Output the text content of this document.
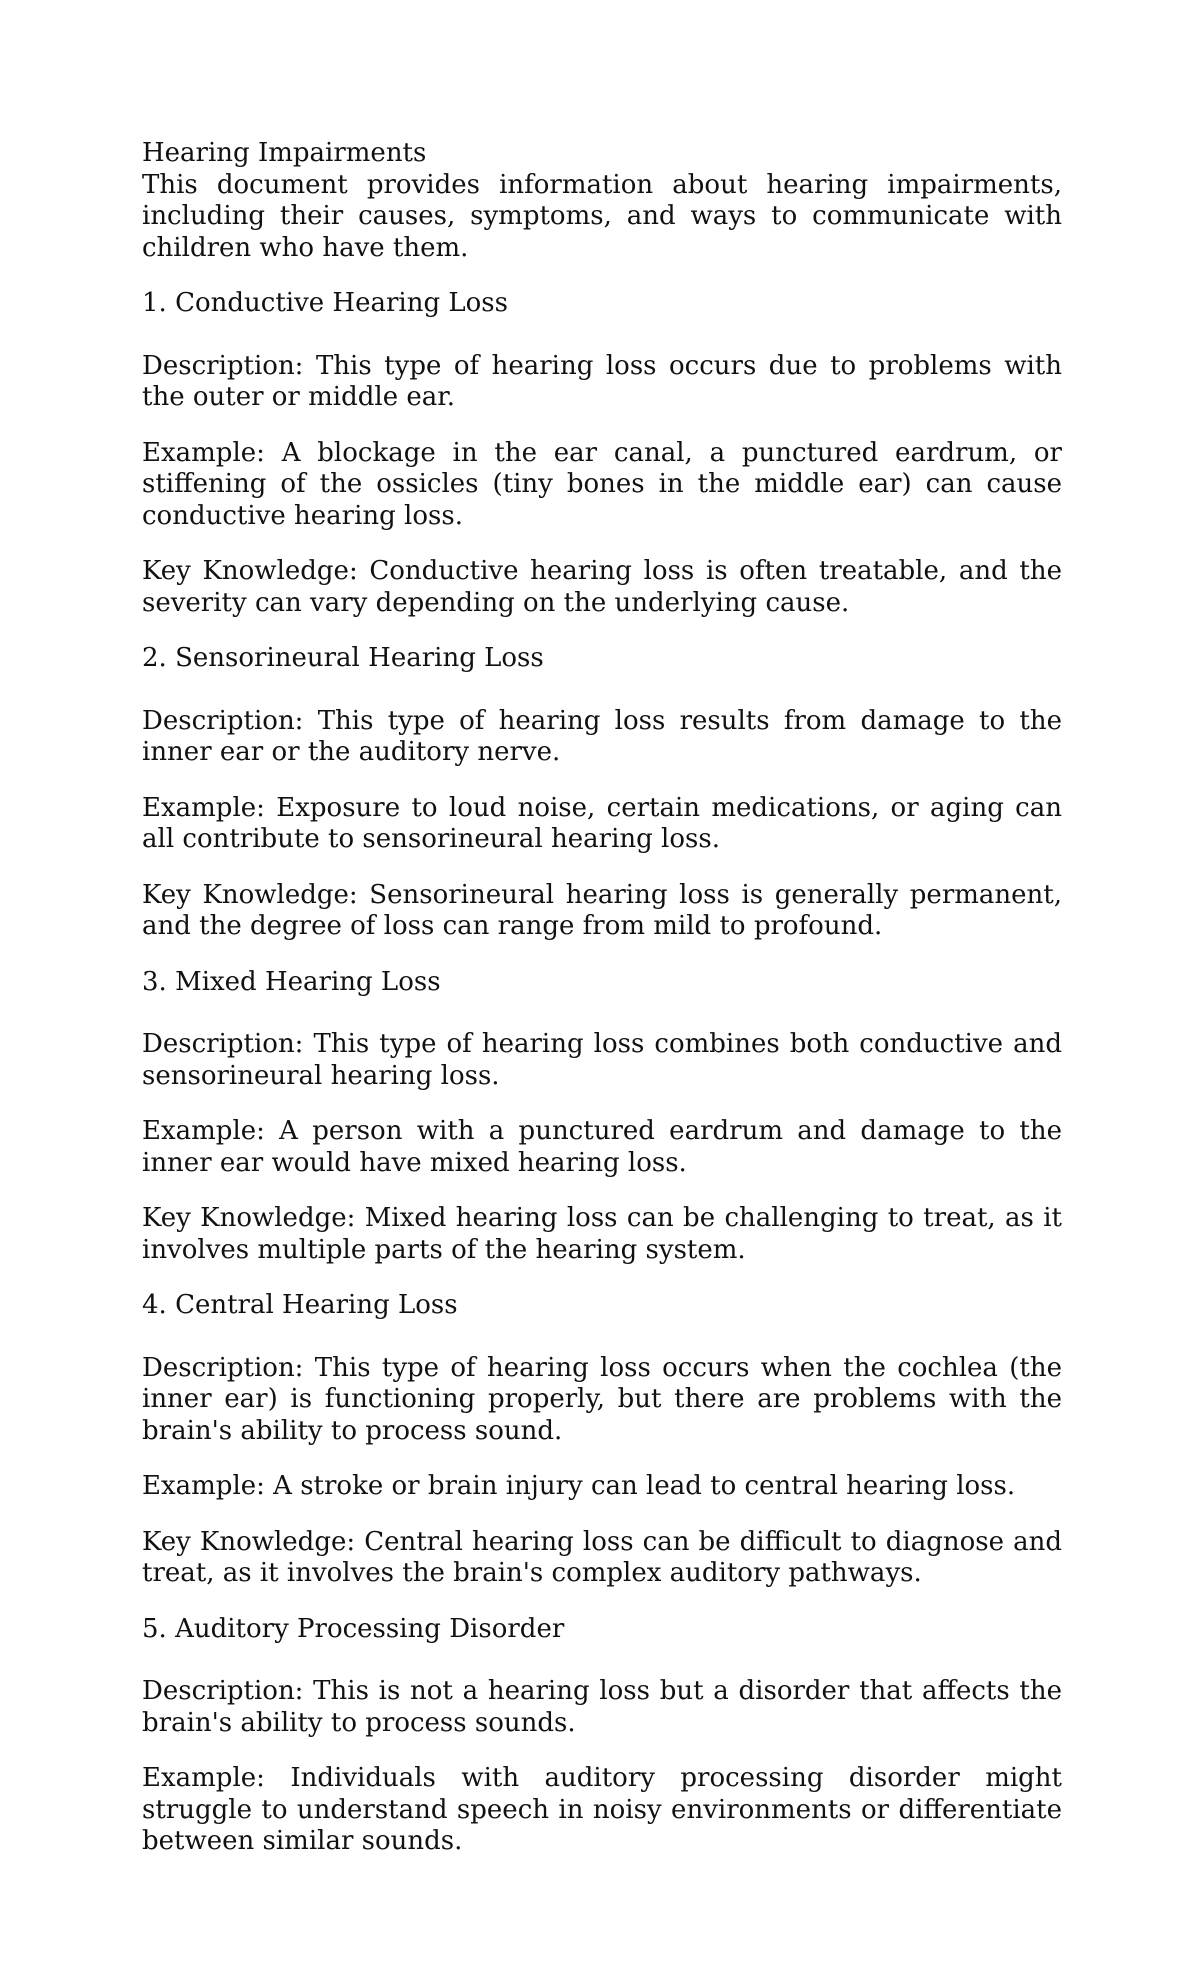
Hearing Impairments

This document provides information about hearing impairments, including their causes, symptoms, and ways to communicate with children who have them.

1. Conductive Hearing Loss

Description: This type of hearing loss occurs due to problems with the outer or middle ear.

Example: A blockage in the ear canal, a punctured eardrum, or stiffening of the ossicles (tiny bones in the middle ear) can cause conductive hearing loss.

Key Knowledge: Conductive hearing loss is often treatable, and the severity can vary depending on the underlying cause.

2. Sensorineural Hearing Loss

Description: This type of hearing loss results from damage to the inner ear or the auditory nerve.

Example: Exposure to loud noise, certain medications, or aging can all contribute to sensorineural hearing loss.

Key Knowledge: Sensorineural hearing loss is generally permanent, and the degree of loss can range from mild to profound.

3. Mixed Hearing Loss

Description: This type of hearing loss combines both conductive and sensorineural hearing loss.

Example: A person with a punctured eardrum and damage to the inner ear would have mixed hearing loss.

Key Knowledge: Mixed hearing loss can be challenging to treat, as it involves multiple parts of the hearing system.

4. Central Hearing Loss

Description: This type of hearing loss occurs when the cochlea (the inner ear) is functioning properly, but there are problems with the brain's ability to process sound.

Example: A stroke or brain injury can lead to central hearing loss.

Key Knowledge: Central hearing loss can be difficult to diagnose and treat, as it involves the brain's complex auditory pathways.

5. Auditory Processing Disorder

Description: This is not a hearing loss but a disorder that affects the brain's ability to process sounds.

Example: Individuals with auditory processing disorder might struggle to understand speech in noisy environments or differentiate between similar sounds.
